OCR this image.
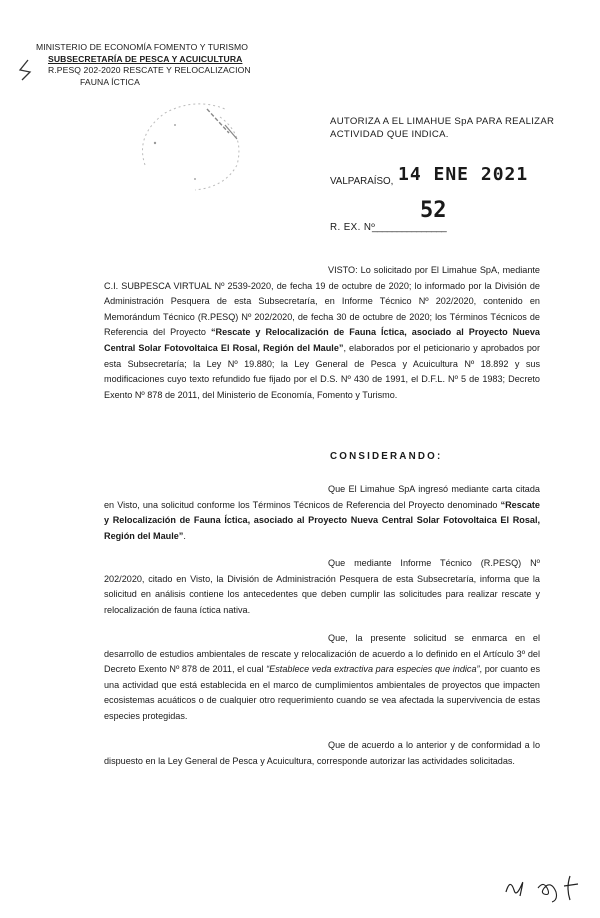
MINISTERIO DE ECONOMÍA FOMENTO Y TURISMO
SUBSECRETARÍA DE PESCA Y ACUICULTURA
R.PESQ 202-2020 RESCATE Y RELOCALIZACION
FAUNA ÍCTICA
AUTORIZA A EL LIMAHUE SpA PARA REALIZAR ACTIVIDAD QUE INDICA.
VALPARAÍSO, 14 ENE 2021
R. EX. Nº
_______________
52
VISTO: Lo solicitado por El Limahue SpA, mediante C.I. SUBPESCA VIRTUAL Nº 2539-2020, de fecha 19 de octubre de 2020; lo informado por la División de Administración Pesquera de esta Subsecretaría, en Informe Técnico Nº 202/2020, contenido en Memorándum Técnico (R.PESQ) Nº 202/2020, de fecha 30 de octubre de 2020; los Términos Técnicos de Referencia del Proyecto “Rescate y Relocalización de Fauna Íctica, asociado al Proyecto Nueva Central Solar Fotovoltaica El Rosal, Región del Maule”, elaborados por el peticionario y aprobados por esta Subsecretaría; la Ley Nº 19.880; la Ley General de Pesca y Acuicultura Nº 18.892 y sus modificaciones cuyo texto refundido fue fijado por el D.S. Nº 430 de 1991, el D.F.L. Nº 5 de 1983; Decreto Exento Nº 878 de 2011, del Ministerio de Economía, Fomento y Turismo.
CONSIDERANDO:
Que El Limahue SpA ingresó mediante carta citada en Visto, una solicitud conforme los Términos Técnicos de Referencia del Proyecto denominado “Rescate y Relocalización de Fauna Íctica, asociado al Proyecto Nueva Central Solar Fotovoltaica El Rosal, Región del Maule”.
Que mediante Informe Técnico (R.PESQ) Nº 202/2020, citado en Visto, la División de Administración Pesquera de esta Subsecretaría, informa que la solicitud en análisis contiene los antecedentes que deben cumplir las solicitudes para realizar rescate y relocalización de fauna íctica nativa.
Que, la presente solicitud se enmarca en el desarrollo de estudios ambientales de rescate y relocalización de acuerdo a lo definido en el Artículo 3º del Decreto Exento Nº 878 de 2011, el cual “Establece veda extractiva para especies que indica”, por cuanto es una actividad que está establecida en el marco de cumplimientos ambientales de proyectos que impacten ecosistemas acuáticos o de cualquier otro requerimiento cuando se vea afectada la supervivencia de estas especies protegidas.
Que de acuerdo a lo anterior y de conformidad a lo dispuesto en la Ley General de Pesca y Acuicultura, corresponde autorizar las actividades solicitadas.
